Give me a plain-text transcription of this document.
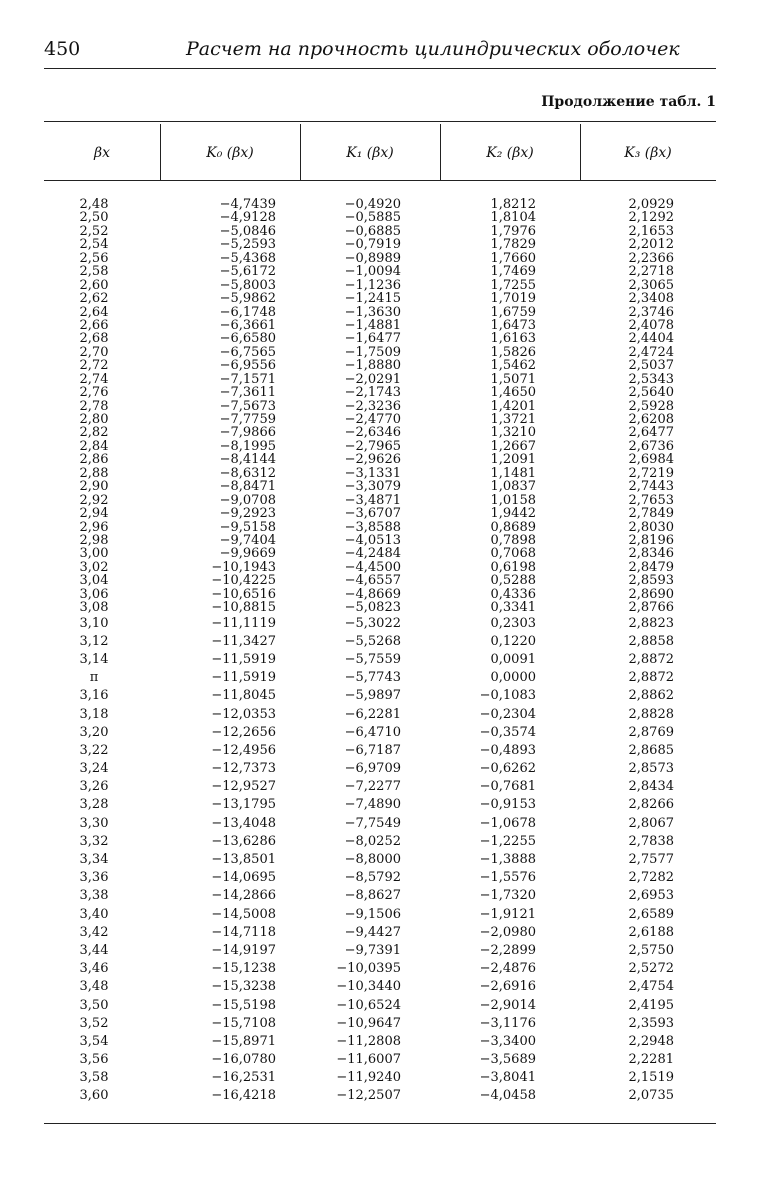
450	Расчет на прочность цилиндрических оболочек
Продолжение табл. 1
βx	K₀ (βx)	K₁ (βx)	K₂ (βx)	K₃ (βx)
2,48	−4,7439	−0,4920	1,8212	2,0929
2,50	−4,9128	−0,5885	1,8104	2,1292
2,52	−5,0846	−0,6885	1,7976	2,1653
2,54	−5,2593	−0,7919	1,7829	2,2012
2,56	−5,4368	−0,8989	1,7660	2,2366
2,58	−5,6172	−1,0094	1,7469	2,2718
2,60	−5,8003	−1,1236	1,7255	2,3065
2,62	−5,9862	−1,2415	1,7019	2,3408
2,64	−6,1748	−1,3630	1,6759	2,3746
2,66	−6,3661	−1,4881	1,6473	2,4078
2,68	−6,6580	−1,6477	1,6163	2,4404
2,70	−6,7565	−1,7509	1,5826	2,4724
2,72	−6,9556	−1,8880	1,5462	2,5037
2,74	−7,1571	−2,0291	1,5071	2,5343
2,76	−7,3611	−2,1743	1,4650	2,5640
2,78	−7,5673	−2,3236	1,4201	2,5928
2,80	−7,7759	−2,4770	1,3721	2,6208
2,82	−7,9866	−2,6346	1,3210	2,6477
2,84	−8,1995	−2,7965	1,2667	2,6736
2,86	−8,4144	−2,9626	1,2091	2,6984
2,88	−8,6312	−3,1331	1,1481	2,7219
2,90	−8,8471	−3,3079	1,0837	2,7443
2,92	−9,0708	−3,4871	1,0158	2,7653
2,94	−9,2923	−3,6707	1,9442	2,7849
2,96	−9,5158	−3,8588	0,8689	2,8030
2,98	−9,7404	−4,0513	0,7898	2,8196
3,00	−9,9669	−4,2484	0,7068	2,8346
3,02	−10,1943	−4,4500	0,6198	2,8479
3,04	−10,4225	−4,6557	0,5288	2,8593
3,06	−10,6516	−4,8669	0,4336	2,8690
3,08	−10,8815	−5,0823	0,3341	2,8766
3,10	−11,1119	−5,3022	0,2303	2,8823
3,12	−11,3427	−5,5268	0,1220	2,8858
3,14	−11,5919	−5,7559	0,0091	2,8872
π	−11,5919	−5,7743	0,0000	2,8872
3,16	−11,8045	−5,9897	−0,1083	2,8862
3,18	−12,0353	−6,2281	−0,2304	2,8828
3,20	−12,2656	−6,4710	−0,3574	2,8769
3,22	−12,4956	−6,7187	−0,4893	2,8685
3,24	−12,7373	−6,9709	−0,6262	2,8573
3,26	−12,9527	−7,2277	−0,7681	2,8434
3,28	−13,1795	−7,4890	−0,9153	2,8266
3,30	−13,4048	−7,7549	−1,0678	2,8067
3,32	−13,6286	−8,0252	−1,2255	2,7838
3,34	−13,8501	−8,8000	−1,3888	2,7577
3,36	−14,0695	−8,5792	−1,5576	2,7282
3,38	−14,2866	−8,8627	−1,7320	2,6953
3,40	−14,5008	−9,1506	−1,9121	2,6589
3,42	−14,7118	−9,4427	−2,0980	2,6188
3,44	−14,9197	−9,7391	−2,2899	2,5750
3,46	−15,1238	−10,0395	−2,4876	2,5272
3,48	−15,3238	−10,3440	−2,6916	2,4754
3,50	−15,5198	−10,6524	−2,9014	2,4195
3,52	−15,7108	−10,9647	−3,1176	2,3593
3,54	−15,8971	−11,2808	−3,3400	2,2948
3,56	−16,0780	−11,6007	−3,5689	2,2281
3,58	−16,2531	−11,9240	−3,8041	2,1519
3,60	−16,4218	−12,2507	−4,0458	2,0735
